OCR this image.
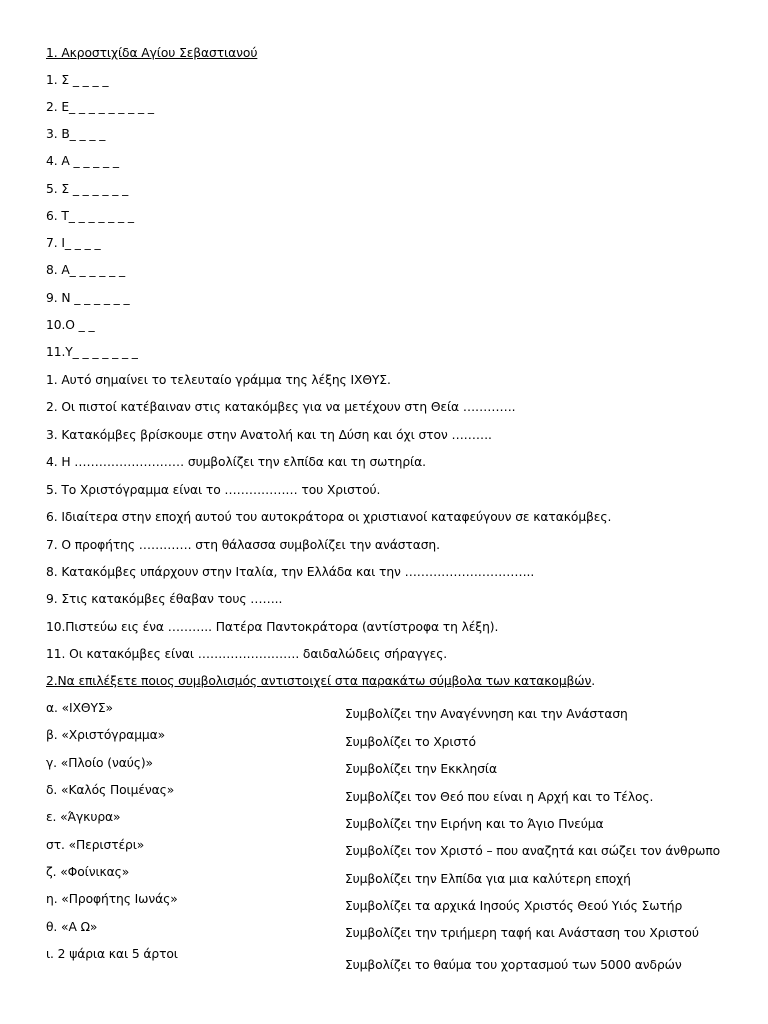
1. Ακροστιχίδα Αγίου Σεβαστιανού
1. Σ _ _ _ _
2. Ε_ _ _ _ _ _ _ _ _
3. Β_ _ _ _
4. Α _ _ _ _ _
5. Σ _ _ _ _ _ _
6. Τ_ _ _ _ _ _ _
7. Ι_ _ _ _
8. Α_ _ _ _ _ _
9. Ν _ _ _ _ _ _
10.Ο _ _
11.Υ_ _ _ _ _ _ _
1. Αυτό σημαίνει το τελευταίο γράμμα της λέξης ΙΧΘΥΣ.
2. Οι πιστοί κατέβαιναν στις κατακόμβες για να μετέχουν στη Θεία ………….
3. Κατακόμβες βρίσκουμε στην Ανατολή και τη Δύση και όχι στον ……….
4. Η ……………………… συμβολίζει την ελπίδα και τη σωτηρία.
5. Το Χριστόγραμμα είναι το ……………… του Χριστού.
6. Ιδιαίτερα στην εποχή αυτού του αυτοκράτορα οι χριστιανοί καταφεύγουν σε κατακόμβες.
7. Ο προφήτης …………. στη θάλασσα συμβολίζει την ανάσταση.
8. Κατακόμβες υπάρχουν στην Ιταλία, την Ελλάδα και την …………………………..
9. Στις κατακόμβες έθαβαν τους ……..
10.Πιστεύω εις ένα ……….. Πατέρα Παντοκράτορα (αντίστροφα τη λέξη).
11. Οι κατακόμβες είναι ……………………. δαιδαλώδεις σήραγγες.
2.Να επιλέξετε ποιος συμβολισμός αντιστοιχεί στα παρακάτω σύμβολα των κατακομβών.
α. «ΙΧΘΥΣ»
β. «Χριστόγραμμα»
γ. «Πλοίο (ναύς)»
δ. «Καλός Ποιμένας»
ε. «Άγκυρα»
στ. «Περιστέρι»
ζ. «Φοίνικας»
η. «Προφήτης Ιωνάς»
θ. «Α Ω»
ι. 2 ψάρια και 5 άρτοι
Συμβολίζει την Αναγέννηση και την Ανάσταση
Συμβολίζει το Χριστό
Συμβολίζει την Εκκλησία
Συμβολίζει τον Θεό που είναι η Αρχή και το Τέλος.
Συμβολίζει την Ειρήνη και το Άγιο Πνεύμα
Συμβολίζει τον Χριστό – που αναζητά και σώζει τον άνθρωπο
Συμβολίζει την Ελπίδα για μια καλύτερη εποχή
Συμβολίζει τα αρχικά Ιησούς Χριστός Θεού Υιός Σωτήρ
Συμβολίζει την τριήμερη ταφή και Ανάσταση του Χριστού
Συμβολίζει το θαύμα του χορτασμού των 5000 ανδρών
